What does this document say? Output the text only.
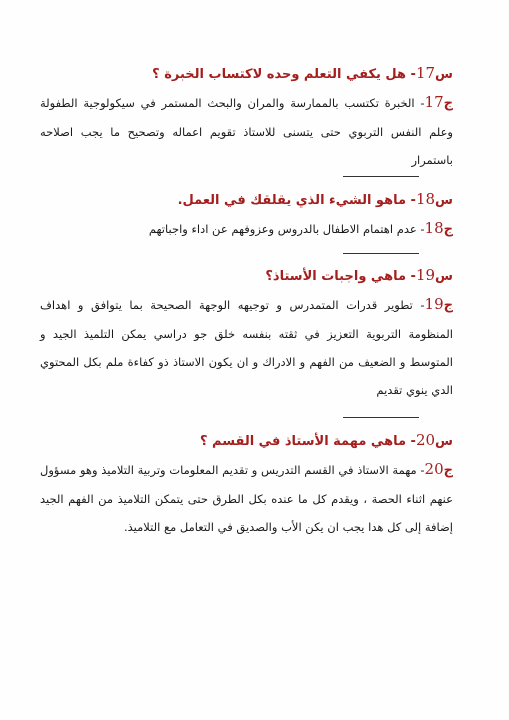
س17- هل يكفي التعلم وحده لاكتساب الخبرة ؟
ج17- الخبرة تكتسب بالممارسة والمران والبحث المستمر في سيكولوجية الطفولة وعلم النفس التربوي حتى يتسنى للاستاذ تقويم اعماله وتصحيح ما يجب اصلاحه باستمرار
س18- ماهو الشيء الذي يقلقك في العمل.
ج18- عدم اهتمام الاطفال بالدروس وعزوفهم عن اداء واجباتهم
س19- ماهي واجبات الأستاذ؟
ج19- تطوير قدرات المتمدرس و توجيهه الوجهة الصحيحة بما يتوافق و اهداف المنظومة التربوية التعزيز في ثقته بنفسه خلق جو دراسي يمكن التلميذ الجيد و المتوسط و الضعيف من الفهم و الادراك و ان يكون الاستاذ ذو كفاءة ملم بكل المحتوي الدي ينوي تقديم
س20- ماهي مهمة الأستاذ في القسم ؟
ج20- مهمة الاستاذ في القسم التدريس و تقديم المعلومات وتربية التلاميذ وهو مسؤول عنهم اثناء الحصة ، ويقدم كل ما عنده بكل الطرق حتى يتمكن التلاميذ من الفهم الجيد إضافة إلى كل هدا يجب ان يكن الأب والصديق في التعامل مع التلاميذ.
